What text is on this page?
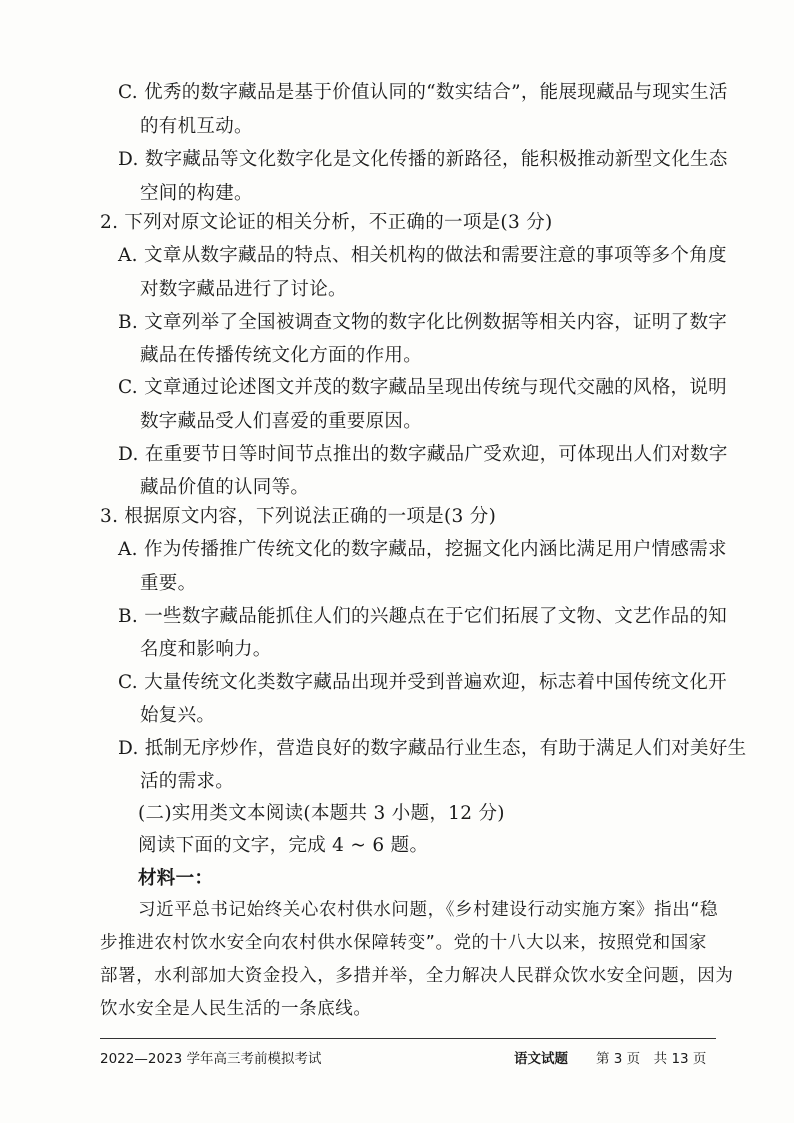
C. 优秀的数字藏品是基于价值认同的“数实结合”，能展现藏品与现实生活
的有机互动。
D. 数字藏品等文化数字化是文化传播的新路径，能积极推动新型文化生态
空间的构建。
2. 下列对原文论证的相关分析，不正确的一项是(3 分)
A. 文章从数字藏品的特点、相关机构的做法和需要注意的事项等多个角度
对数字藏品进行了讨论。
B. 文章列举了全国被调查文物的数字化比例数据等相关内容，证明了数字
藏品在传播传统文化方面的作用。
C. 文章通过论述图文并茂的数字藏品呈现出传统与现代交融的风格，说明
数字藏品受人们喜爱的重要原因。
D. 在重要节日等时间节点推出的数字藏品广受欢迎，可体现出人们对数字
藏品价值的认同等。
3. 根据原文内容，下列说法正确的一项是(3 分)
A. 作为传播推广传统文化的数字藏品，挖掘文化内涵比满足用户情感需求
重要。
B. 一些数字藏品能抓住人们的兴趣点在于它们拓展了文物、文艺作品的知
名度和影响力。
C. 大量传统文化类数字藏品出现并受到普遍欢迎，标志着中国传统文化开
始复兴。
D. 抵制无序炒作，营造良好的数字藏品行业生态，有助于满足人们对美好生
活的需求。
(二)实用类文本阅读(本题共 3 小题，12 分)
阅读下面的文字，完成 4 ~ 6 题。
材料一：
习近平总书记始终关心农村供水问题，《乡村建设行动实施方案》指出“稳
步推进农村饮水安全向农村供水保障转变”。党的十八大以来，按照党和国家
部署，水利部加大资金投入，多措并举，全力解决人民群众饮水安全问题，因为
饮水安全是人民生活的一条底线。
2022—2023 学年高三考前模拟考试	语文试题 第 3 页　共 13 页
